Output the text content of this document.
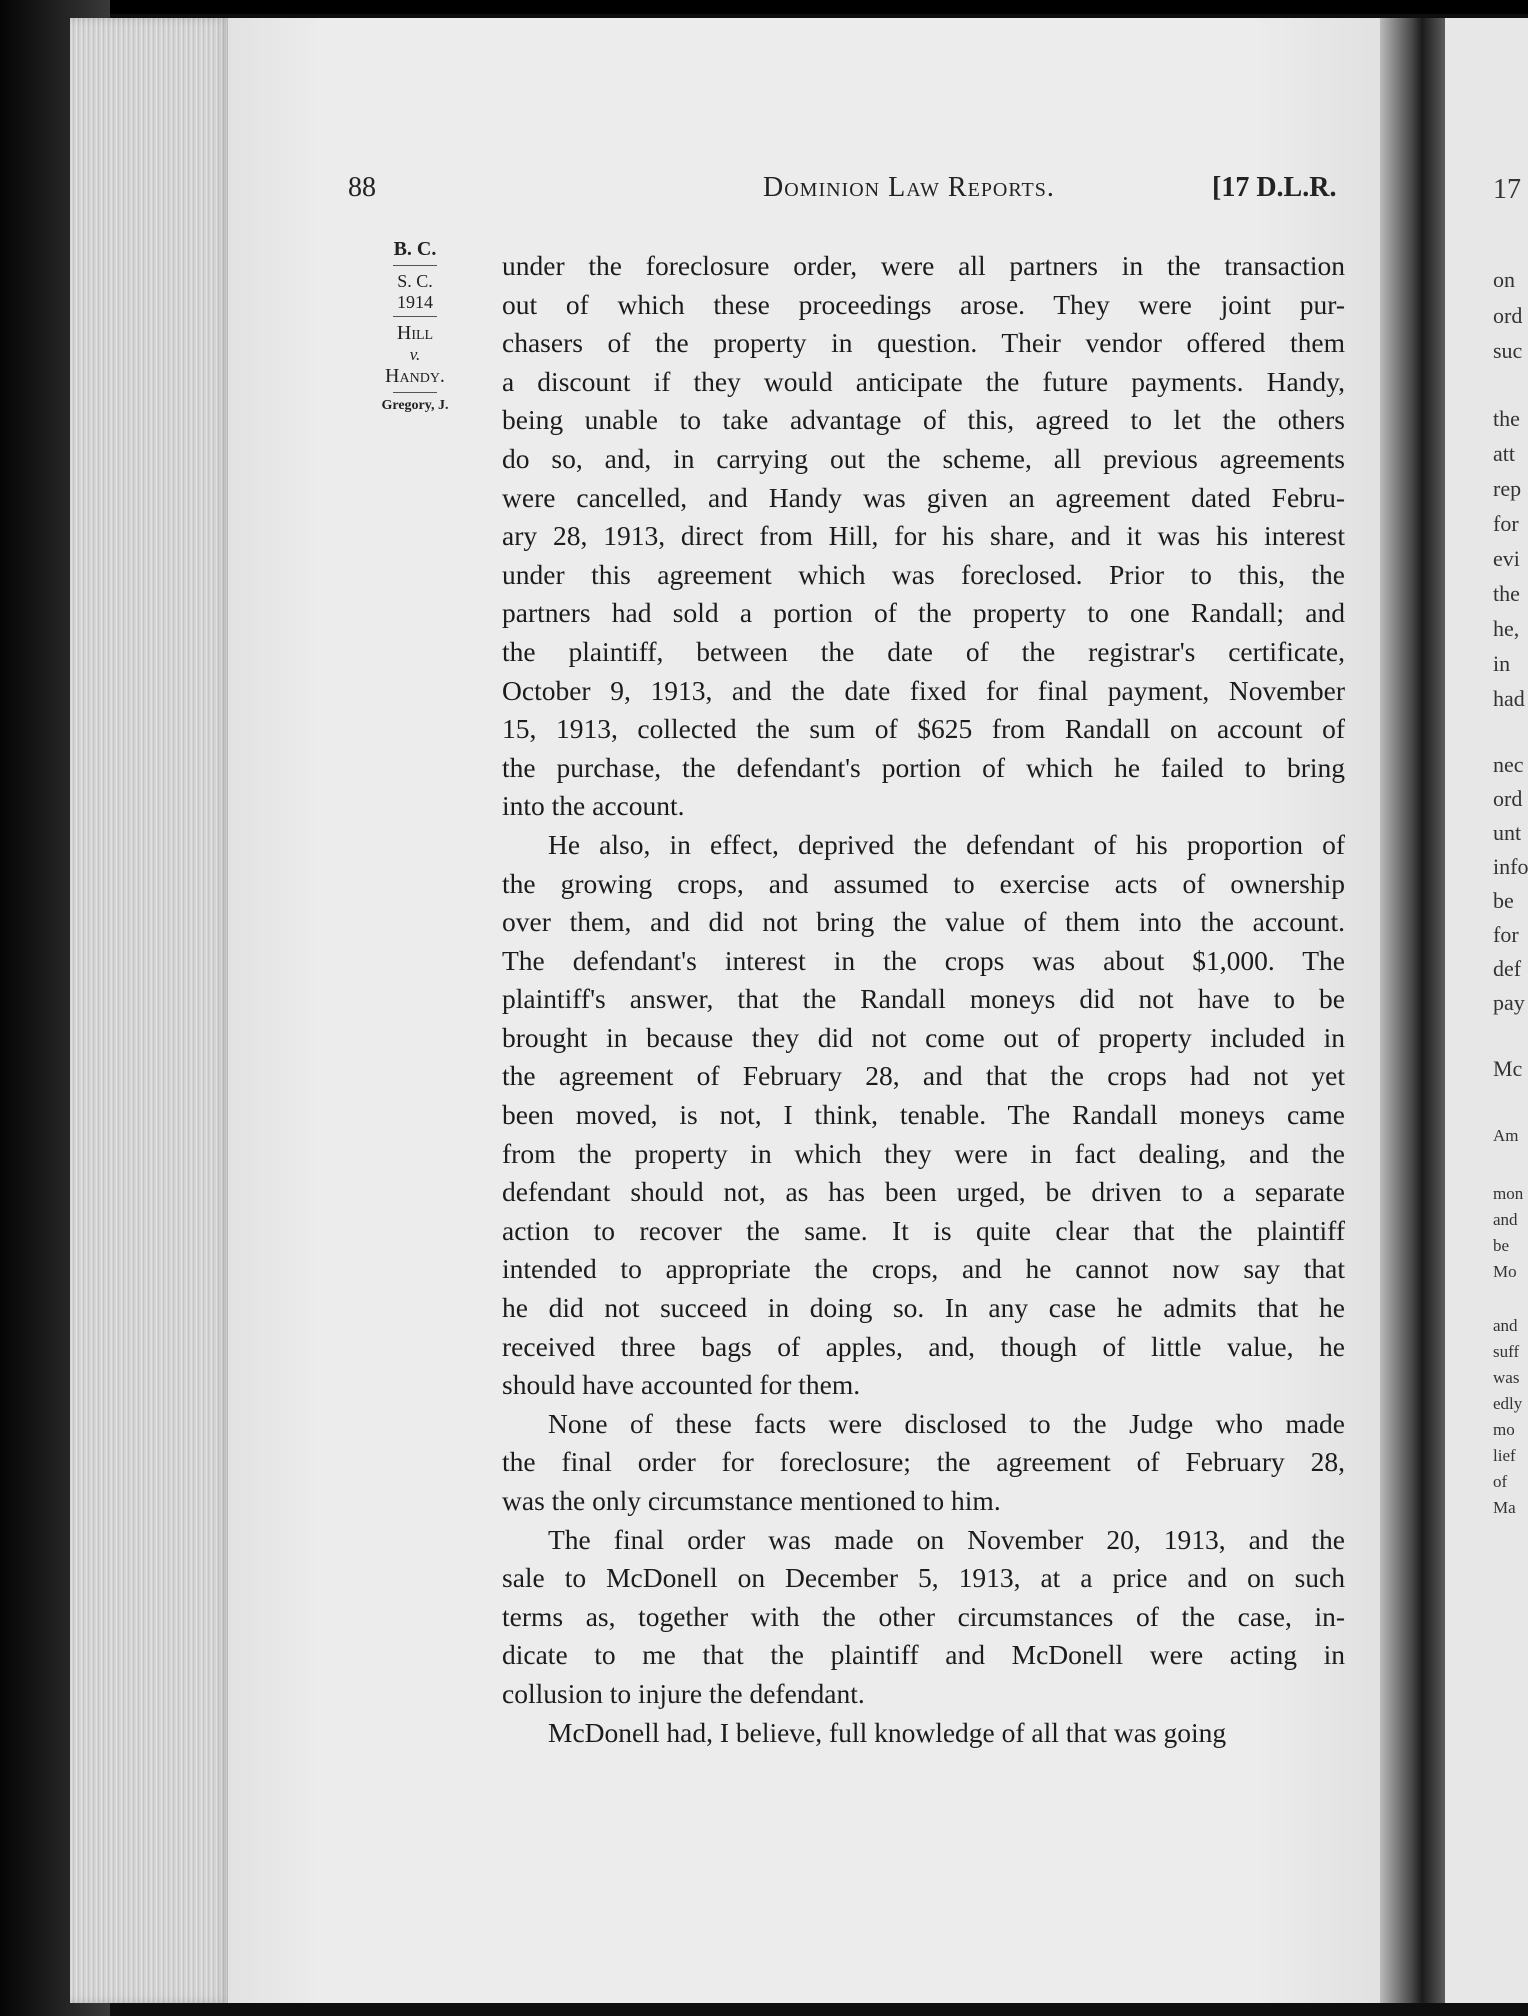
88	Dominion Law Reports.	[17 D.L.R.
B. C.
S. C.
1914
Hill
v.
Handy.
Gregory, J.
under the foreclosure order, were all partners in the transaction
out of which these proceedings arose. They were joint pur-
chasers of the property in question. Their vendor offered them
a discount if they would anticipate the future payments. Handy,
being unable to take advantage of this, agreed to let the others
do so, and, in carrying out the scheme, all previous agreements
were cancelled, and Handy was given an agreement dated Febru-
ary 28, 1913, direct from Hill, for his share, and it was his interest
under this agreement which was foreclosed. Prior to this, the
partners had sold a portion of the property to one Randall; and
the plaintiff, between the date of the registrar's certificate,
October 9, 1913, and the date fixed for final payment, November
15, 1913, collected the sum of $625 from Randall on account of
the purchase, the defendant's portion of which he failed to bring
into the account.
He also, in effect, deprived the defendant of his proportion of
the growing crops, and assumed to exercise acts of ownership
over them, and did not bring the value of them into the account.
The defendant's interest in the crops was about $1,000. The
plaintiff's answer, that the Randall moneys did not have to be
brought in because they did not come out of property included in
the agreement of February 28, and that the crops had not yet
been moved, is not, I think, tenable. The Randall moneys came
from the property in which they were in fact dealing, and the
defendant should not, as has been urged, be driven to a separate
action to recover the same. It is quite clear that the plaintiff
intended to appropriate the crops, and he cannot now say that
he did not succeed in doing so. In any case he admits that he
received three bags of apples, and, though of little value, he
should have accounted for them.
None of these facts were disclosed to the Judge who made
the final order for foreclosure; the agreement of February 28,
was the only circumstance mentioned to him.
The final order was made on November 20, 1913, and the
sale to McDonell on December 5, 1913, at a price and on such
terms as, together with the other circumstances of the case, in-
dicate to me that the plaintiff and McDonell were acting in
collusion to injure the defendant.
McDonell had, I believe, full knowledge of all that was going
17
on
ord
suc
the
att
rep
for
evi
the
he,
in
had
nec
ord
unt
info
be
for
def
pay
Mc
Am
mon
and
be
Mo
and
suff
was
edly
mo
lief
of
Ma
